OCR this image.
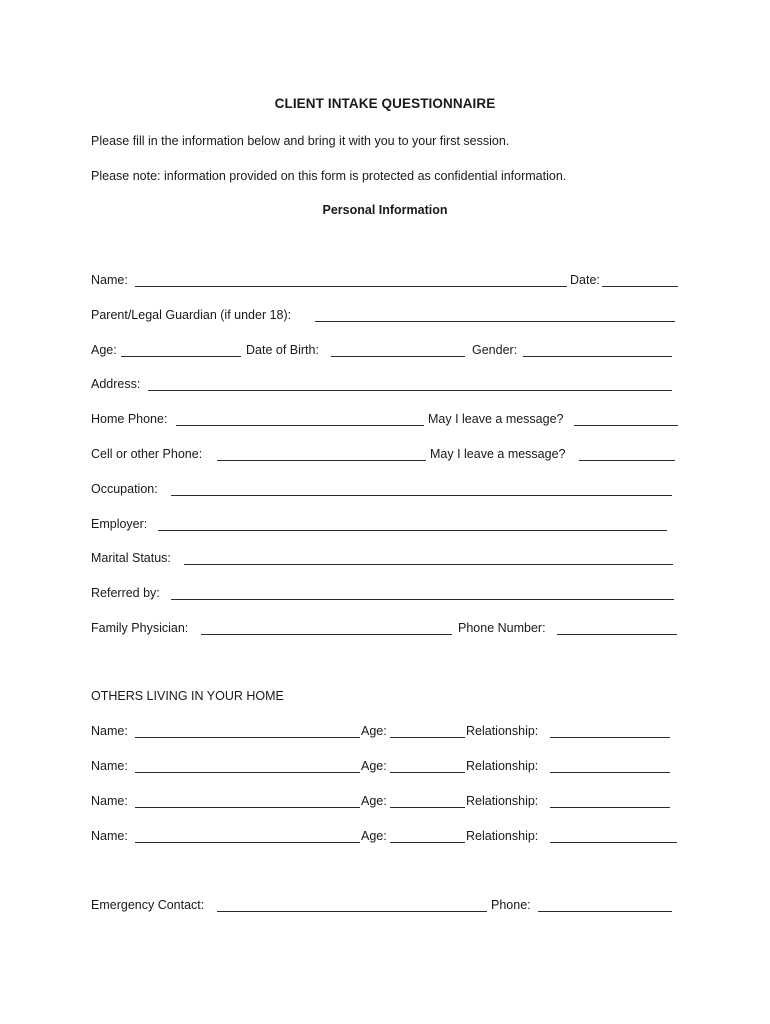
CLIENT INTAKE QUESTIONNAIRE
Please fill in the information below and bring it with you to your first session.
Please note: information provided on this form is protected as confidential information.
Personal Information
Name:	Date:
Parent/Legal Guardian (if under 18):
Age:	Date of Birth:	Gender:
Address:
Home Phone:	May I leave a message?
Cell or other Phone:	May I leave a message?
Occupation:
Employer:
Marital Status:
Referred by:
Family Physician:	Phone Number:
OTHERS LIVING IN YOUR HOME
Name:	Age:	Relationship:
Name:	Age:	Relationship:
Name:	Age:	Relationship:
Name:	Age:	Relationship:
Emergency Contact:	Phone:
